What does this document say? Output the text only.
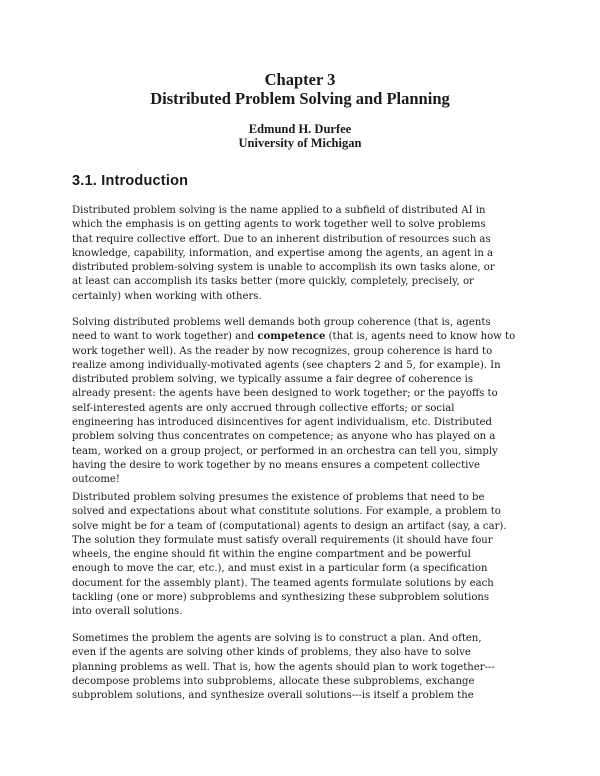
Chapter 3
Distributed Problem Solving and Planning
Edmund H. Durfee
University of Michigan
3.1. Introduction

Distributed problem solving is the name applied to a subfield of distributed AI in
which the emphasis is on getting agents to work together well to solve problems
that require collective effort. Due to an inherent distribution of resources such as
knowledge, capability, information, and expertise among the agents, an agent in a
distributed problem-solving system is unable to accomplish its own tasks alone, or
at least can accomplish its tasks better (more quickly, completely, precisely, or
certainly) when working with others.

Solving distributed problems well demands both group coherence (that is, agents
need to want to work together) and competence (that is, agents need to know how to
work together well). As the reader by now recognizes, group coherence is hard to
realize among individually-motivated agents (see chapters 2 and 5, for example). In
distributed problem solving, we typically assume a fair degree of coherence is
already present: the agents have been designed to work together; or the payoffs to
self-interested agents are only accrued through collective efforts; or social
engineering has introduced disincentives for agent individualism, etc. Distributed
problem solving thus concentrates on competence; as anyone who has played on a
team, worked on a group project, or performed in an orchestra can tell you, simply
having the desire to work together by no means ensures a competent collective
outcome!

Distributed problem solving presumes the existence of problems that need to be
solved and expectations about what constitute solutions. For example, a problem to
solve might be for a team of (computational) agents to design an artifact (say, a car).
The solution they formulate must satisfy overall requirements (it should have four
wheels, the engine should fit within the engine compartment and be powerful
enough to move the car, etc.), and must exist in a particular form (a specification
document for the assembly plant). The teamed agents formulate solutions by each
tackling (one or more) subproblems and synthesizing these subproblem solutions
into overall solutions.

Sometimes the problem the agents are solving is to construct a plan. And often,
even if the agents are solving other kinds of problems, they also have to solve
planning problems as well. That is, how the agents should plan to work together---
decompose problems into subproblems, allocate these subproblems, exchange
subproblem solutions, and synthesize overall solutions---is itself a problem the
